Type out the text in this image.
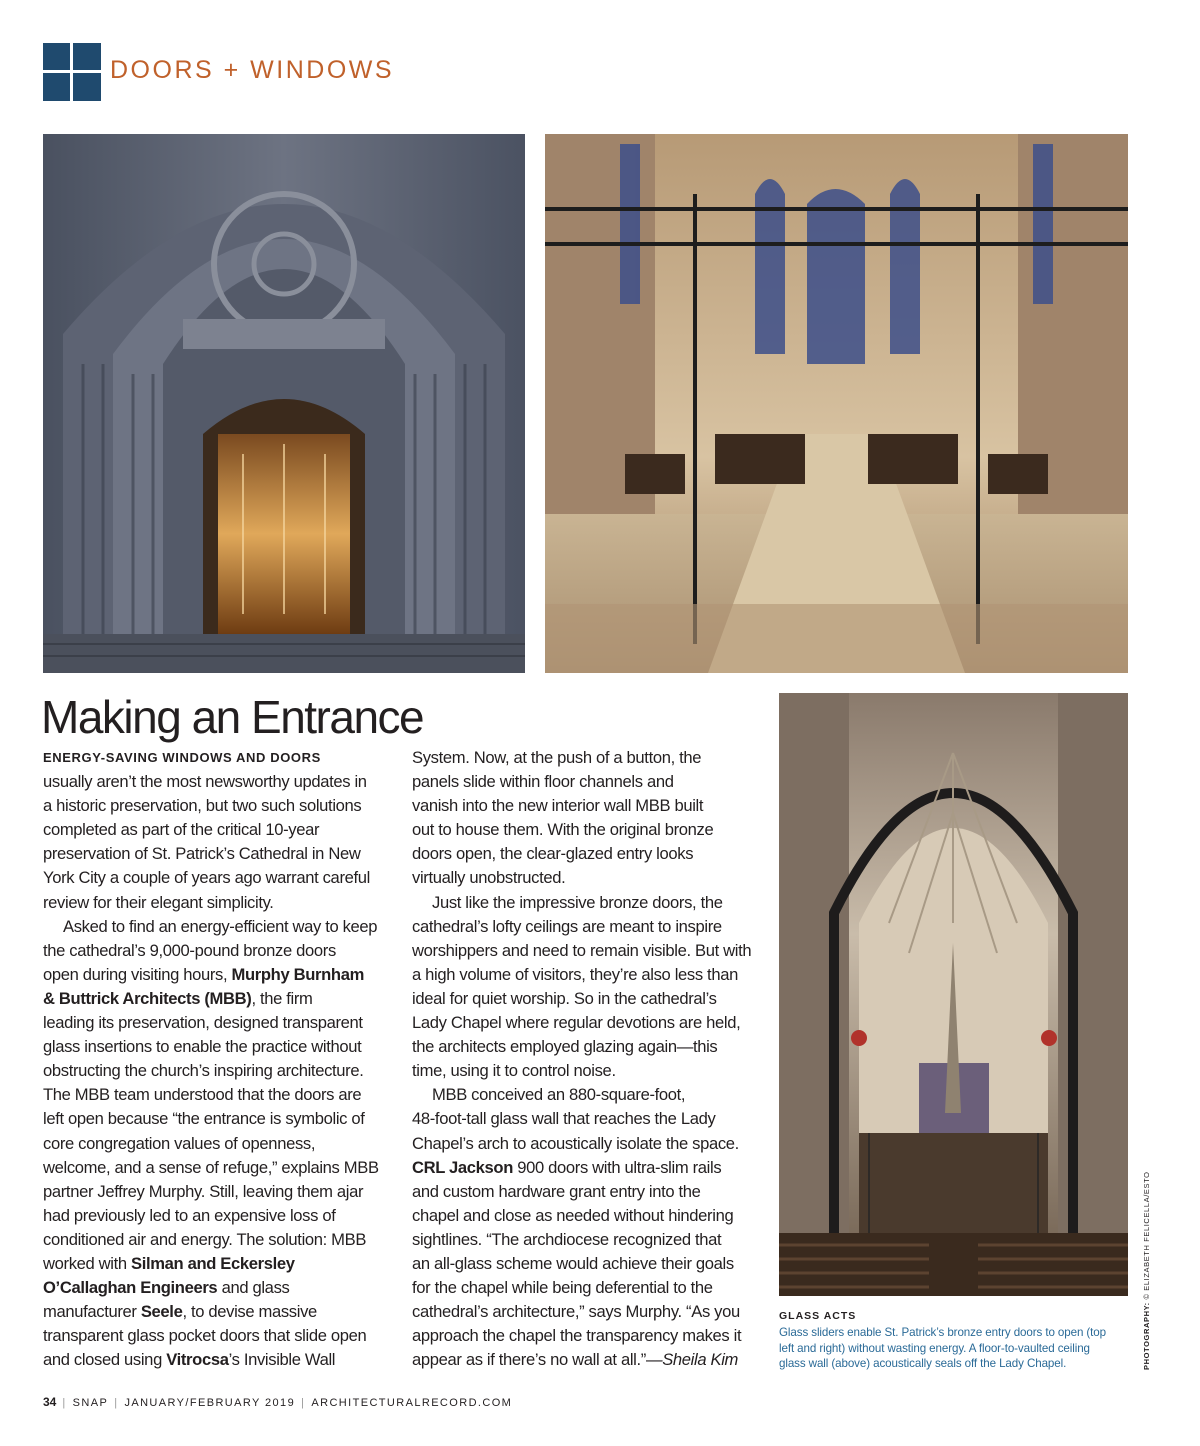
DOORS + WINDOWS
Making an Entrance
ENERGY-SAVING WINDOWS AND DOORS
usually aren’t the most newsworthy updates in
a historic preservation, but two such solutions
completed as part of the critical 10-year
preservation of St. Patrick’s Cathedral in New
York City a couple of years ago warrant careful
review for their elegant simplicity.
Asked to find an energy-efficient way to keep
the cathedral’s 9,000-pound bronze doors
open during visiting hours, Murphy Burnham
& Buttrick Architects (MBB), the firm
leading its preservation, designed transparent
glass insertions to enable the practice without
obstructing the church’s inspiring architecture.
The MBB team understood that the doors are
left open because “the entrance is symbolic of
core congregation values of openness,
welcome, and a sense of refuge,” explains MBB
partner Jeffrey Murphy. Still, leaving them ajar
had previously led to an expensive loss of
conditioned air and energy. The solution: MBB
worked with Silman and Eckersley
O’Callaghan Engineers and glass
manufacturer Seele, to devise massive
transparent glass pocket doors that slide open
and closed using Vitrocsa’s Invisible Wall
System. Now, at the push of a button, the
panels slide within floor channels and
vanish into the new interior wall MBB built
out to house them. With the original bronze
doors open, the clear-glazed entry looks
virtually unobstructed.
Just like the impressive bronze doors, the
cathedral’s lofty ceilings are meant to inspire
worshippers and need to remain visible. But with
a high volume of visitors, they’re also less than
ideal for quiet worship. So in the cathedral’s
Lady Chapel where regular devotions are held,
the architects employed glazing again—this
time, using it to control noise.
MBB conceived an 880-square-foot,
48-foot-tall glass wall that reaches the Lady
Chapel’s arch to acoustically isolate the space.
CRL Jackson 900 doors with ultra-slim rails
and custom hardware grant entry into the
chapel and close as needed without hindering
sightlines. “The archdiocese recognized that
an all-glass scheme would achieve their goals
for the chapel while being deferential to the
cathedral’s architecture,” says Murphy. “As you
approach the chapel the transparency makes it
appear as if there’s no wall at all.”—Sheila Kim
GLASS ACTS
Glass sliders enable St. Patrick’s bronze entry doors to open (top
left and right) without wasting energy. A floor-to-vaulted ceiling
glass wall (above) acoustically seals off the Lady Chapel.	PHOTOGRAPHY: © ELIZABETH FELICELLA/ESTO
34 | SNAP | JANUARY/FEBRUARY 2019 | ARCHITECTURALRECORD.COM
